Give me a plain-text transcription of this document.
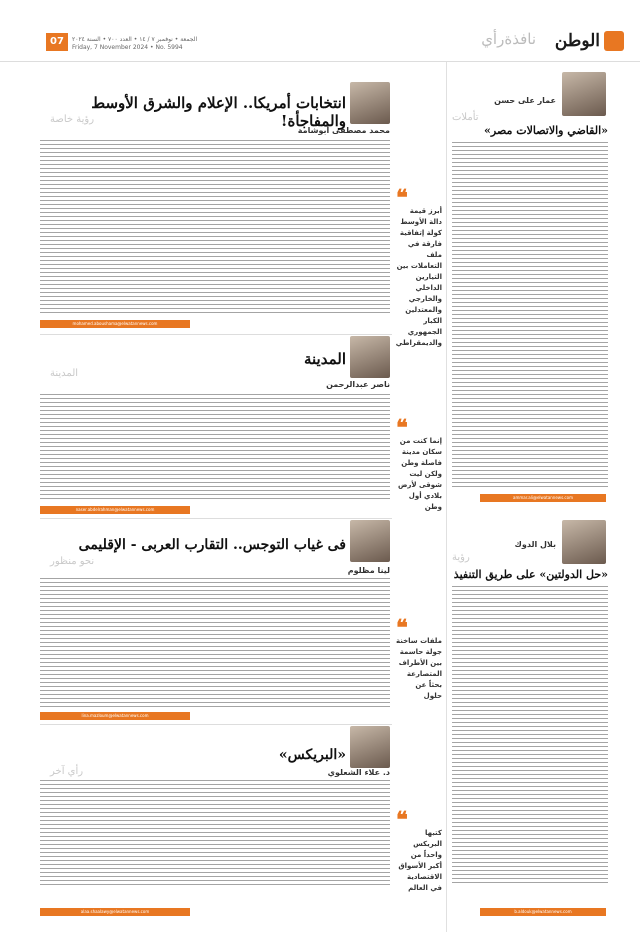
الوطن
نافذةرأي
الجمعة • نوفمبر ٧ / ١٤ • العدد ٧٠٠ • السنة ٢٠٢٤
Friday, 7 November 2024 • No. 5994
07
عمار على حسن
تأملات
«القاضي والاتصالات مصر»
ammar.ali@elwatannews.com
بلال الدوك
رؤية
«حل الدولتين» على طريق التنفيذ
b.aldouk@elwatannews.com
❝ أبرز قيمة دالة الأوسط كولة إتفاقية فارقة في ملف التعاملات بين التيارين الداخلي والخارجي والمعتدلين الكبار الجمهوري والديمقراطي
❝
إنما كنت من سكان مدينة فاصلة وطن ولكن ليت شوقى لأرض بلادي أول وطن
❝
ملفات ساخنة جولة حاسمة بين الأطراف المتصارعة بحثاً عن حلول
❝	كتبها البريكس واحداً من أكبر الأسواق الاقتصادية في العالم
انتخابات أمريكا.. الإعلام والشرق الأوسط والمفاجأة!
رؤية خاصة
محمد مصطفى أبوشامة
mohamed.aboushama@elwatannews.com
المدينة
المدينة
ناصر عبدالرحمن
naser.abdelrahman@elwatannews.com
فى غياب التوجس.. التقارب العربى - الإقليمى
نحو منظور
لينا مظلوم
lina.mazloum@elwatannews.com
«البريكس»
رأي آخر	د. علاء الشعلوي
alaa.shaalawy@elwatannews.com
